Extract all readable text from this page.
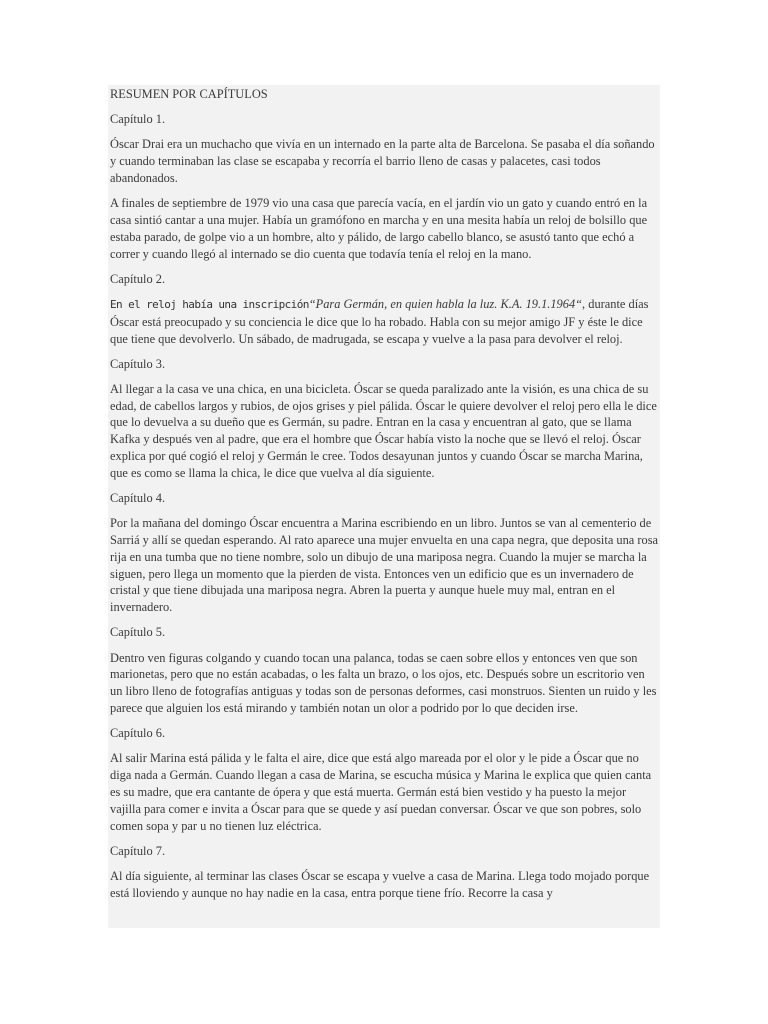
RESUMEN POR CAPÍTULOS

Capítulo 1.

Óscar Drai era un muchacho que vivía en un internado en la parte alta de Barcelona. Se pasaba el día soñando y cuando terminaban las clase se escapaba y recorría el barrio lleno de casas y palacetes, casi todos abandonados.

A finales de septiembre de 1979 vio una casa que parecía vacía, en el jardín vio un gato y cuando entró en la casa sintió cantar a una mujer. Había un gramófono en marcha y en una mesita había un reloj de bolsillo que estaba parado, de golpe vio a un hombre, alto y pálido, de largo cabello blanco, se asustó tanto que echó a correr y cuando llegó al internado se dio cuenta que todavía tenía el reloj en la mano.

Capítulo 2.

En el reloj había una inscripción“Para Germán, en quien habla la luz. K.A. 19.1.1964“, durante días Óscar está preocupado y su conciencia le dice que lo ha robado. Habla con su mejor amigo JF y éste le dice que tiene que devolverlo. Un sábado, de madrugada, se escapa y vuelve a la pasa para devolver el reloj.

Capítulo 3.

Al llegar a la casa ve una chica, en una bicicleta. Óscar se queda paralizado ante la visión, es una chica de su edad, de cabellos largos y rubios, de ojos grises y piel pálida. Óscar le quiere devolver el reloj pero ella le dice que lo devuelva a su dueño que es Germán, su padre. Entran en la casa y encuentran al gato, que se llama Kafka y después ven al padre, que era el hombre que Óscar había visto la noche que se llevó el reloj. Óscar explica por qué cogió el reloj y Germán le cree. Todos desayunan juntos y cuando Óscar se marcha Marina, que es como se llama la chica, le dice que vuelva al día siguiente.

Capítulo 4.

Por la mañana del domingo Óscar encuentra a Marina escribiendo en un libro. Juntos se van al cementerio de Sarriá y allí se quedan esperando. Al rato aparece una mujer envuelta en una capa negra, que deposita una rosa rija en una tumba que no tiene nombre, solo un dibujo de una mariposa negra. Cuando la mujer se marcha la siguen, pero llega un momento que la pierden de vista. Entonces ven un edificio que es un invernadero de cristal y que tiene dibujada una mariposa negra. Abren la puerta y aunque huele muy mal, entran en el invernadero.

Capítulo 5.

Dentro ven figuras colgando y cuando tocan una palanca, todas se caen sobre ellos y entonces ven que son marionetas, pero que no están acabadas, o les falta un brazo, o los ojos, etc. Después sobre un escritorio ven un libro lleno de fotografías antiguas y todas son de personas deformes, casi monstruos. Sienten un ruido y les parece que alguien los está mirando y también notan un olor a podrido por lo que deciden irse.

Capítulo 6.

Al salir Marina está pálida y le falta el aire, dice que está algo mareada por el olor y le pide a Óscar que no diga nada a Germán. Cuando llegan a casa de Marina, se escucha música y Marina le explica que quien canta es su madre, que era cantante de ópera y que está muerta. Germán está bien vestido y ha puesto la mejor vajilla para comer e invita a Óscar para que se quede y así puedan conversar. Óscar ve que son pobres, solo comen sopa y par u no tienen luz eléctrica.

Capítulo 7.

Al día siguiente, al terminar las clases Óscar se escapa y vuelve a casa de Marina. Llega todo mojado porque está lloviendo y aunque no hay nadie en la casa, entra porque tiene frío. Recorre la casa y
